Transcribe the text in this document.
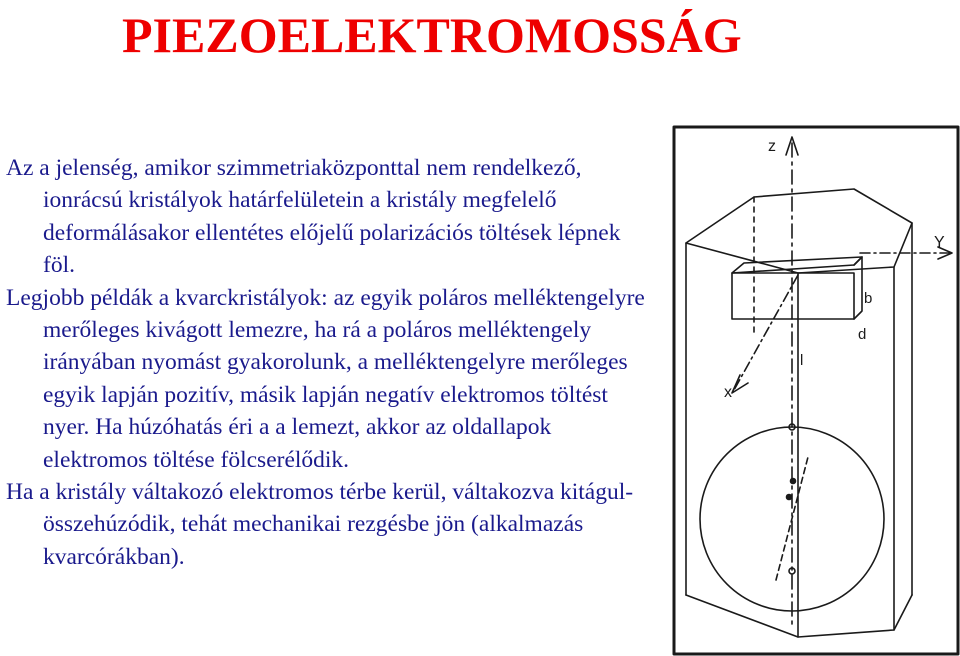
PIEZOELEKTROMOSSÁG

Az a jelenség, amikor szimmetriaközponttal nem rendelkező, ionrácsú kristályok határfelületein a kristály megfelelő deformálásakor ellentétes előjelű polarizációs töltések lépnek föl.

Legjobb példák a kvarckristályok: az egyik poláros melléktengelyre merőleges kivágott lemezre, ha rá a poláros melléktengely irányában nyomást gyakorolunk, a melléktengelyre merőleges egyik lapján pozitív, másik lapján negatív elektromos töltést nyer. Ha húzóhatás éri a a lemezt, akkor az oldallapok elektromos töltése fölcserélődik.

Ha a kristály váltakozó elektromos térbe kerül, váltakozva kitágul-összehúzódik, tehát mechanikai rezgésbe jön (alkalmazás kvarcórákban).

z
Y
x
b
d
l
